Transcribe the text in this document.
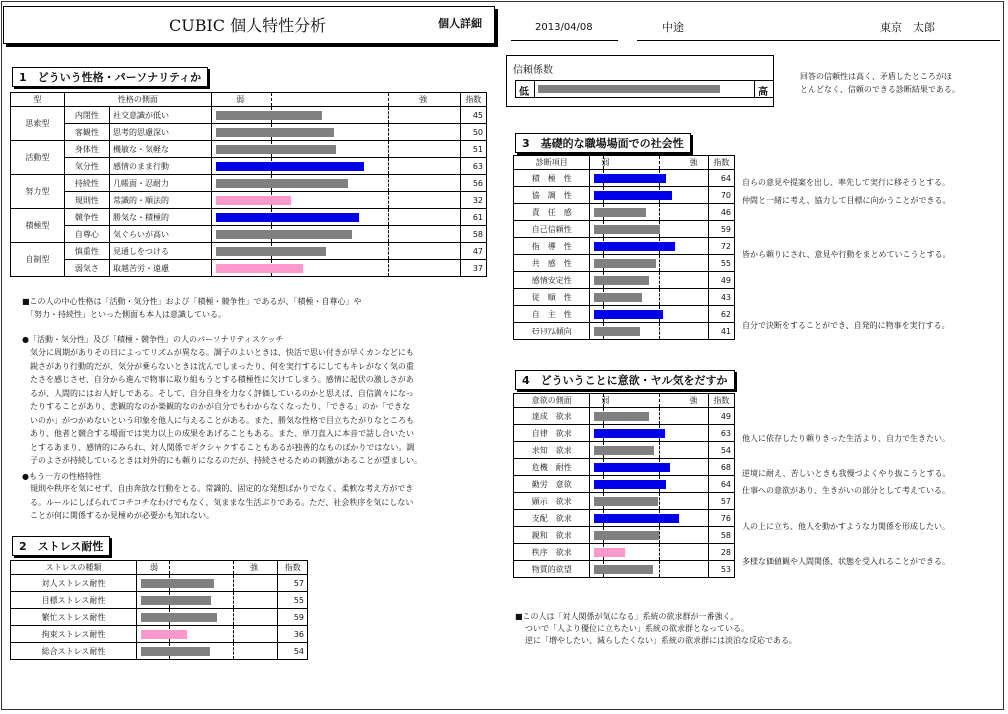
CUBIC 個人特性分析	個人詳細	2013/04/08	中途	東京　太郎
信頼係数
低	高
回答の信頼性は高く、矛盾したところがほ
とんどなく、信頼のできる診断結果である。
1　どういう性格・パーソナリティか
型	性格の側面		弱 強	指数
思索型	内閉性	社交意識が低い		45
	客観性	思考的思慮深い		50
活動型	身体性	機敏な・気軽な		51
	気分性	感情のまま行動		63
努力型	持続性	几帳面・忍耐力		56
	規則性	常識的・順法的		32
積極型	競争性	勝気な・積極的		61
	自尊心	気ぐらいが高い		58
自制型	慎重性	見通しをつける		47
	弱気さ	取越苦労・遠慮		37
■この人の中心性格は「活動・気分性」および「積極・競争性」であるが、「積極・自尊心」や
　「努力・持続性」といった側面も本人は意識している。
●「活動・気分性」及び「積極・競争性」の人のパーソナリティスケッチ
　気分に周期がありその日によってリズムが異なる。調子のよいときは、快活で思い付きが早くカンなどにも
　鋭さがあり行動的だが、気分が乗らないときは沈んでしまったり、何を実行するにしてもキレがなく気の重
　たさを感じさせ、自分から進んで物事に取り組もうとする積極性に欠けてしまう。感情に起伏の激しさがあ
　るが、人間的にはお人好しである。そして、自分自身を力なく評価しているのかと思えば、自信満々になっ
　たりすることがあり、悲観的なのか楽観的なのかが自分でもわからなくなったり、「できる」のか「できな
　いのか」がつかめないという印象を他人に与えることがある。また、勝気な性格で目立ちたがりなところも
　あり、他者と競合する場面では実力以上の成果をあげることもある。また、単刀直入に本音で話し合いたい
　とするあまり、感情的にみられ、対人関係でギクシャクすることもあるが独善的なものばかりではない。調
　子のよさが持続しているときは対外的にも頼りになるのだが、持続させるための刺激があることが望ましい。
●もう一方の性格特性
　規則や秩序を気にせず、自由奔放な行動をとる。常識的、固定的な発想ばかりでなく、柔軟な考え方ができ
　る。ルールにしばられてコチコチなわけでもなく、気ままな生活ぶりである。ただ、社会秩序を気にしない
　ことが何に関係するか見極めが必要かも知れない。
2　ストレス耐性
ストレスの種類	弱 強	指数
対人ストレス耐性		57
目標ストレス耐性		55
繁忙ストレス耐性		59
拘束ストレス耐性		36
総合ストレス耐性		54
3　基礎的な職場場面での社会性
診断項目	弱 強	指数
積　極　性		64
協　調　性		70
責　任　感		46
自己信頼性		59
指　導　性		72
共　感　性		55
感情安定性		49
従　順　性		43
自　主　性		62
ﾓﾗﾄﾘｱﾑ傾向		41
4　どういうことに意欲・ヤル気をだすか
意欲の側面	弱 強	指数
達成　欲求		49
自律　欲求		63
求知　欲求		54
危機　耐性		68
勤労　意欲		64
顕示　欲求		57
支配　欲求		76
親和　欲求		58
秩序　欲求		28
物質的欲望		53
■この人は「対人関係が気になる」系統の欲求群が一番強く、
ついで「人より優位に立ちたい」系統の欲求群となっている。
逆に「増やしたい、減らしたくない」系統の欲求群には淡泊な反応である。
自らの意見や提案を出し、率先して実行に移そうとする。
仲間と一緒に考え、協力して目標に向かうことができる。
皆から頼りにされ、意見や行動をまとめていこうとする。
自分で決断をすることができ、自発的に物事を実行する。
他人に依存したり頼りきった生活より、自力で生きたい。
逆境に耐え、苦しいときも我慢づよくやり抜こうとする。
仕事への意欲があり、生きがいの部分として考えている。
人の上に立ち、他人を動かすような力関係を形成したい。
多様な価値観や人間関係、状態を受入れることができる。
